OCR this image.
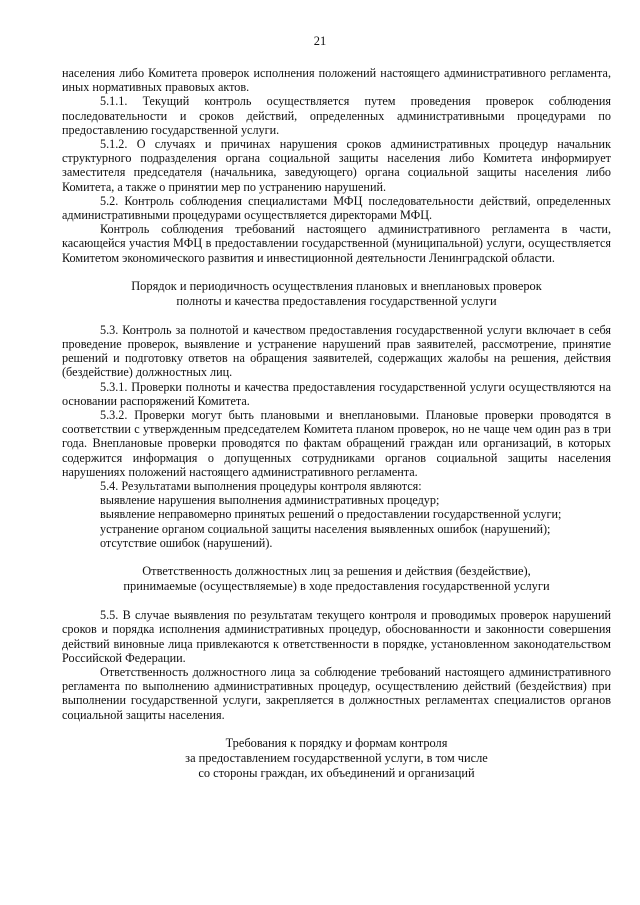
21

населения либо Комитета проверок исполнения положений настоящего административного регламента, иных нормативных правовых актов.

5.1.1. Текущий контроль осуществляется путем проведения проверок соблюдения последовательности и сроков действий, определенных административными процедурами по предоставлению государственной услуги.

5.1.2. О случаях и причинах нарушения сроков административных процедур начальник структурного подразделения органа социальной защиты населения либо Комитета информирует заместителя председателя (начальника, заведующего) органа социальной защиты населения либо Комитета, а также о принятии мер по устранению нарушений.

5.2. Контроль соблюдения специалистами МФЦ последовательности действий, определенных административными процедурами осуществляется директорами МФЦ.

Контроль соблюдения требований настоящего административного регламента в части, касающейся участия МФЦ в предоставлении государственной (муниципальной) услуги, осуществляется Комитетом экономического развития и инвестиционной деятельности Ленинградской области.

Порядок и периодичность осуществления плановых и внеплановых проверок
полноты и качества предоставления государственной услуги

5.3. Контроль за полнотой и качеством предоставления государственной услуги включает в себя проведение проверок, выявление и устранение нарушений прав заявителей, рассмотрение, принятие решений и подготовку ответов на обращения заявителей, содержащих жалобы на решения, действия (бездействие) должностных лиц.

5.3.1. Проверки полноты и качества предоставления государственной услуги осуществляются на основании распоряжений Комитета.

5.3.2. Проверки могут быть плановыми и внеплановыми. Плановые проверки проводятся в соответствии с утвержденным председателем Комитета планом проверок, но не чаще чем один раз в три года. Внеплановые проверки проводятся по фактам обращений граждан или организаций, в которых содержится информация о допущенных сотрудниками органов социальной защиты населения нарушениях положений настоящего административного регламента.

5.4. Результатами выполнения процедуры контроля являются:

выявление нарушения выполнения административных процедур;

выявление неправомерно принятых решений о предоставлении государственной услуги;

устранение органом социальной защиты населения выявленных ошибок (нарушений);

отсутствие ошибок (нарушений).

Ответственность должностных лиц за решения и действия (бездействие),
принимаемые (осуществляемые) в ходе предоставления государственной услуги

5.5. В случае выявления по результатам текущего контроля и проводимых проверок нарушений сроков и порядка исполнения административных процедур, обоснованности и законности совершения действий виновные лица привлекаются к ответственности в порядке, установленном законодательством Российской Федерации.

Ответственность должностного лица за соблюдение требований настоящего административного регламента по выполнению административных процедур, осуществлению действий (бездействия) при выполнении государственной услуги, закрепляется в должностных регламентах специалистов органов социальной защиты населения.

Требования к порядку и формам контроля
за предоставлением государственной услуги, в том числе
со стороны граждан, их объединений и организаций
